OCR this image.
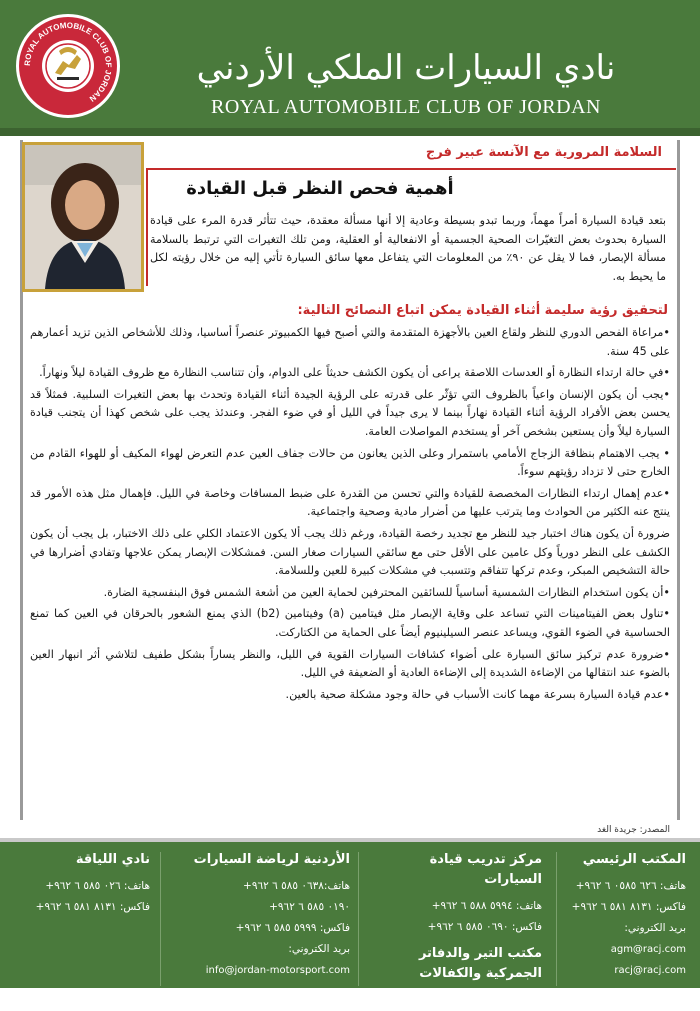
ROYAL AUTOMOBILE CLUB OF JORDAN
نادي السيارات الملكي الأردني
ROYAL AUTOMOBILE CLUB OF JORDAN
السلامة المرورية مع الآنسة عبير فرج
أهمية فحص النظر قبل القيادة
بتعد قيادة السيارة أمراً مهماً، وربما تبدو بسيطة وعادية إلا أنها مسألة معقدة، حيث تتأثر قدرة المرء على قيادة السيارة بحدوث بعض التغيّرات الصحية الجسمية أو الانفعالية أو العقلية، ومن تلك التغيرات التي ترتبط بالسلامة مسألة الإبصار، فما لا يقل عن ٩٠٪ من المعلومات التي يتفاعل معها سائق السيارة تأتي إليه من خلال رؤيته لكل ما يحيط به.
لتحقيق رؤية سليمة أثناء القيادة يمكن اتباع النصائح التالية:

•مراعاة الفحص الدوري للنظر ولقاع العين بالأجهزة المتقدمة والتي أصبح فيها الكمبيوتر عنصراً أساسيا، وذلك للأشخاص الذين تزيد أعمارهم على 45 سنة.

•في حالة ارتداء النظارة أو العدسات اللاصقة يراعى أن يكون الكشف حديثاً على الدوام، وأن تتناسب النظارة مع ظروف القيادة ليلاً ونهاراً.

•يجب أن يكون الإنسان واعياً بالظروف التي تؤثّر على قدرته على الرؤية الجيدة أثناء القيادة وتحدث بها بعض التغيرات السلبية. فمثلاً قد يحسن بعض الأفراد الرؤية أثناء القيادة نهاراً بينما لا يرى جيداً في الليل أو في ضوء الفجر. وعندئذ يجب على شخص كهذا أن يتجنب قيادة السيارة ليلاً وأن يستعين بشخص آخر أو يستخدم المواصلات العامة.

• يجب الاهتمام بنظافة الزجاج الأمامي باستمرار وعلى الذين يعانون من حالات جفاف العين عدم التعرض لهواء المكيف أو للهواء القادم من الخارج حتى لا تزداد رؤيتهم سوءاً.

•عدم إهمال ارتداء النظارات المخصصة للقيادة والتي تحسن من القدرة على ضبط المسافات وخاصة في الليل. فإهمال مثل هذه الأمور قد ينتج عنه الكثير من الحوادث وما يترتب عليها من أضرار مادية وصحية واجتماعية.

ضرورة أن يكون هناك اختبار جيد للنظر مع تجديد رخصة القيادة، ورغم ذلك يجب ألا يكون الاعتماد الكلي على ذلك الاختبار، بل يجب أن يكون الكشف على النظر دورياً وكل عامين على الأقل حتى مع سائقي السيارات صغار السن. فمشكلات الإبصار يمكن علاجها وتفادي أضرارها في حالة التشخيص المبكر، وعدم تركها تتفاقم وتتسبب في مشكلات كبيرة للعين وللسلامة.

•أن يكون استخدام النظارات الشمسية أساسياً للسائقين المحترفين لحماية العين من أشعة الشمس فوق البنفسجية الضارة.

•تناول بعض الفيتامينات التي تساعد على وقاية الإبصار مثل فيتامين (a) وفيتامين (b2) الذي يمنع الشعور بالحرقان في العين كما تمنع الحساسية في الضوء القوي، ويساعد عنصر السيلينيوم أيضاً على الحماية من الكتاركت.

•ضرورة عدم تركيز سائق السيارة على أضواء كشافات السيارات القوية في الليل، والنظر يساراً بشكل طفيف لتلاشي أثر انبهار العين بالضوء عند انتقالها من الإضاءة الشديدة إلى الإضاءة العادية أو الضعيفة في الليل.

•عدم قيادة السيارة بسرعة مهما كانت الأسباب في حالة وجود مشكلة صحية بالعين.

المصدر: جريدة الغد
المكتب الرئيسي
هاتف: ٦٢٦ ٠٥٨٥ ٦ ٩٦٢+
فاكس: ٨١٣١ ٥٨١ ٦ ٩٦٢+
بريد الكتروني:
agm@racj.com
racj@racj.com
مركز تدريب قيادة السيارات
هاتف: ٥٩٩٤ ٥٨٨ ٦ ٩٦٢+
فاكس: ٠٦٩٠ ٥٨٥ ٦ ٩٦٢+
مكتب التير والدفاتر الجمركية والكفالات
هاتف:٥٤٠٩ ٥٨١ ٦ ٩٦٢+
الأردنية لرياضة السيارات
هاتف:٠٦٣٨ ٥٨٥ ٦ ٩٦٢+
٠١٩٠ ٥٨٥ ٦ ٩٦٢+
فاكس: ٥٩٩٩ ٥٨٥ ٦ ٩٦٢+
بريد الكتروني:
info@jordan-motorsport.com
نادي اللياقة
هاتف: ٠٢٦ ٥٨٥ ٦ ٩٦٢+
فاكس: ٨١٣١ ٥٨١ ٦ ٩٦٢+
